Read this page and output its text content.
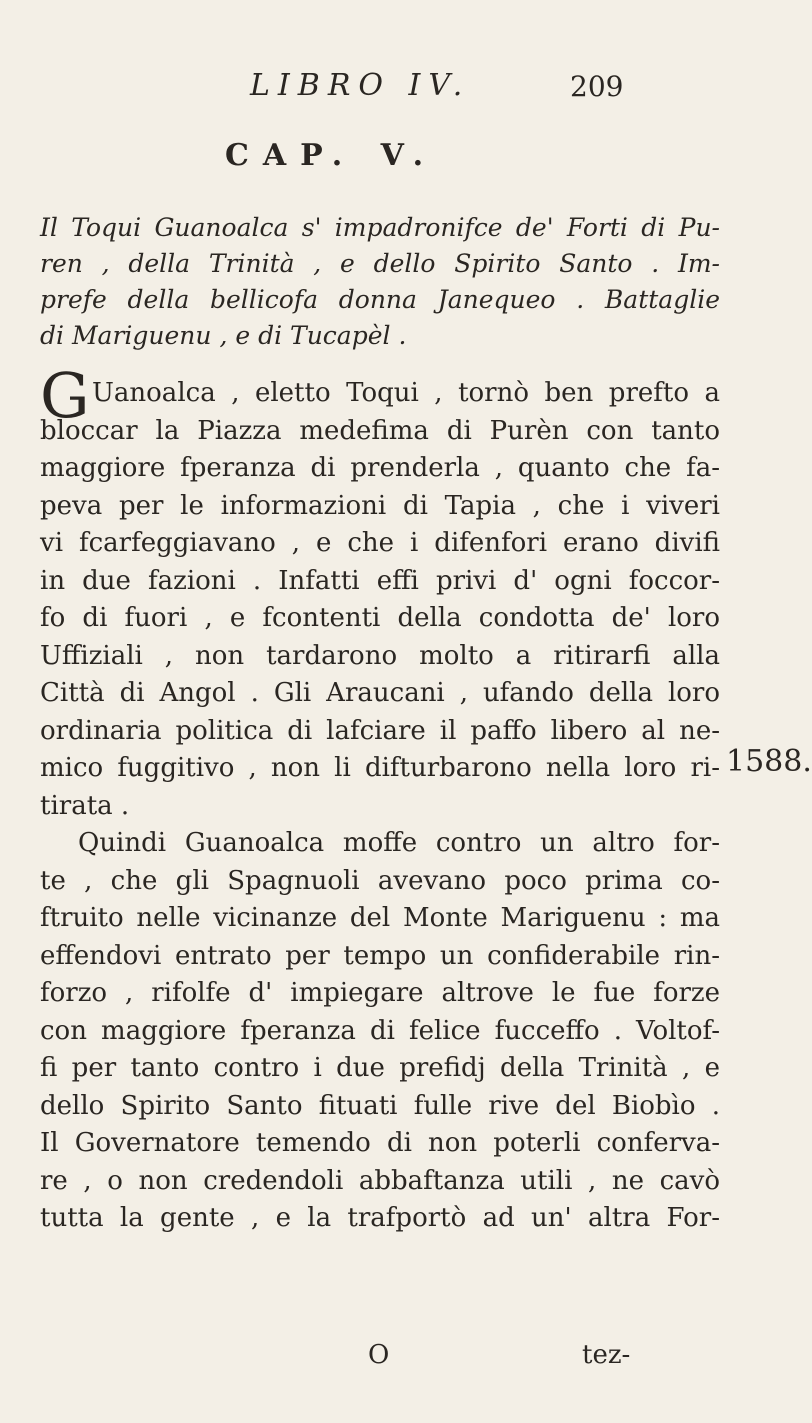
LIBRO IV.	209
CAP. V.
Il Toqui Guanoalca s' impadronifce de' Forti di Pu-
ren , della Trinità , e dello Spirito Santo . Im-
prefe della bellicofa donna Janequeo . Battaglie
di Mariguenu , e di Tucapèl .
G Uanoalca , eletto Toqui , tornò ben prefto a
bloccar la Piazza medefima di Purèn con tanto
maggiore fperanza di prenderla , quanto che fa-
peva per le informazioni di Tapia , che i viveri
vi fcarfeggiavano , e che i difenfori erano divifi
in due fazioni . Infatti effi privi d' ogni foccor-
fo di fuori , e fcontenti della condotta de' loro
Uffiziali , non tardarono molto a ritirarfi alla
Città di Angol . Gli Araucani , ufando della loro
ordinaria politica di lafciare il paffo libero al ne-
mico fuggitivo , non li difturbarono nella loro ri-
tirata .
Quindi Guanoalca moffe contro un altro for-
te , che gli Spagnuoli avevano poco prima co-
ftruito nelle vicinanze del Monte Mariguenu : ma
effendovi entrato per tempo un confiderabile rin-
forzo , rifolfe d' impiegare altrove le fue forze
con maggiore fperanza di felice fucceffo . Voltof-
fi per tanto contro i due prefidj della Trinità , e
dello Spirito Santo fituati fulle rive del Biobìo .
Il Governatore temendo di non poterli conferva-
re , o non credendoli abbaftanza utili , ne cavò
tutta la gente , e la trafportò ad un' altra For-
1588.
O	tez-
